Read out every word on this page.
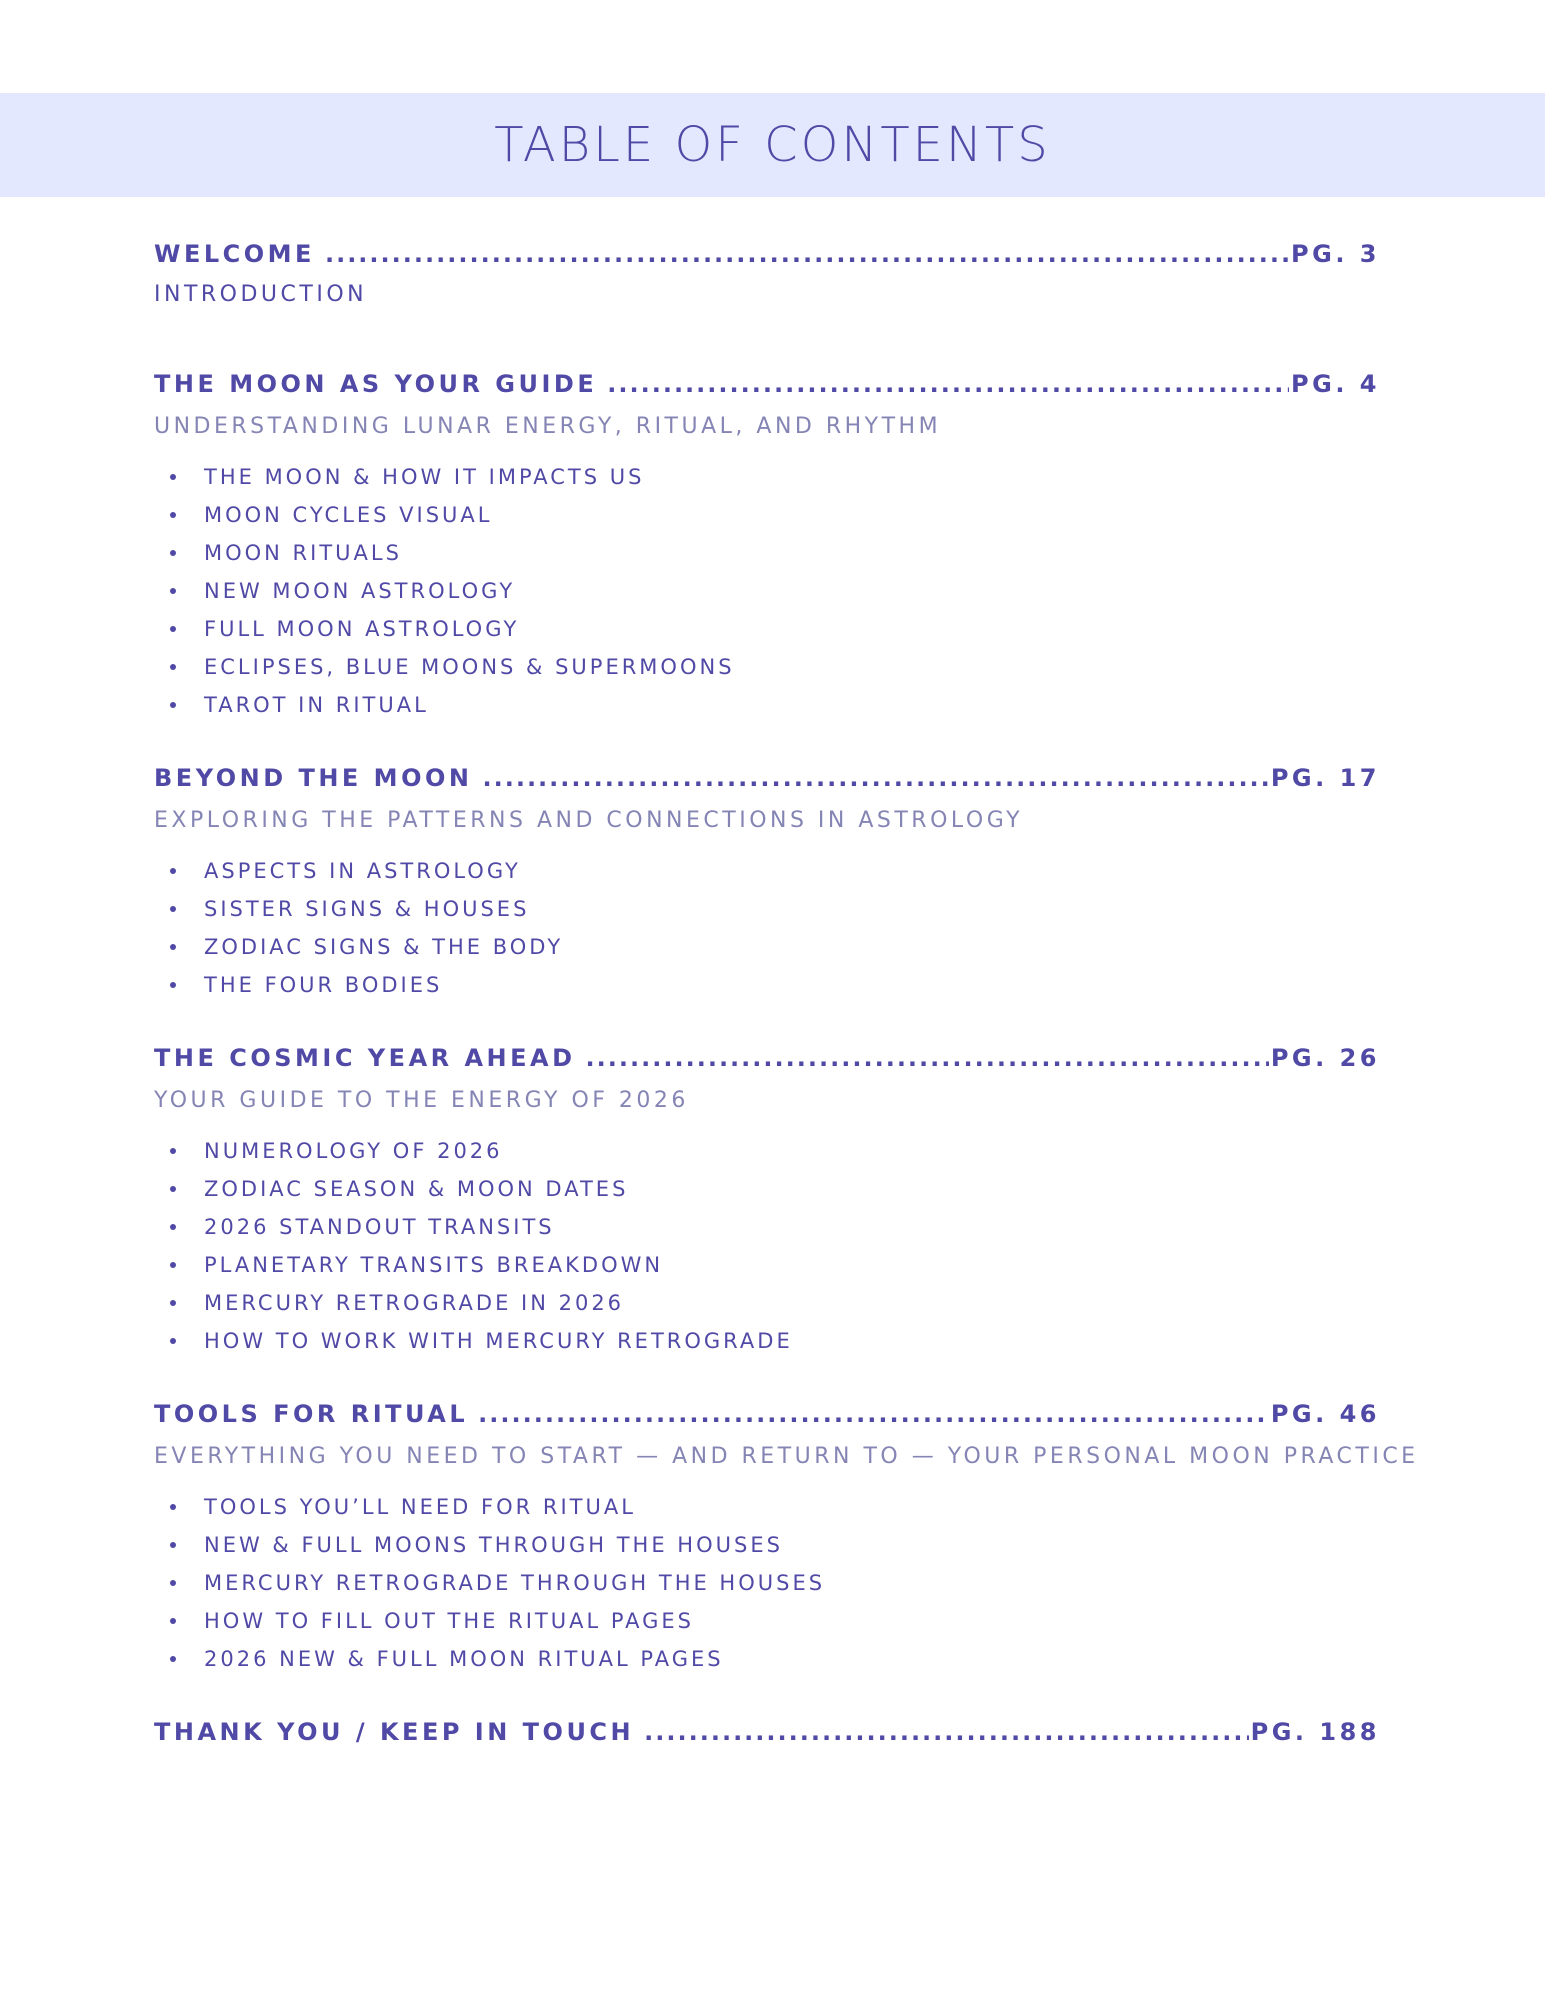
TABLE OF CONTENTS
WELCOME .....	PG. 3
INTRODUCTION
THE MOON AS YOUR GUIDE .....	PG. 4
UNDERSTANDING LUNAR ENERGY, RITUAL, AND RHYTHM
THE MOON & HOW IT IMPACTS US
MOON CYCLES VISUAL
MOON RITUALS
NEW MOON ASTROLOGY
FULL MOON ASTROLOGY
ECLIPSES, BLUE MOONS & SUPERMOONS
TAROT IN RITUAL
BEYOND THE MOON .....	PG. 17
EXPLORING THE PATTERNS AND CONNECTIONS IN ASTROLOGY
ASPECTS IN ASTROLOGY
SISTER SIGNS & HOUSES
ZODIAC SIGNS & THE BODY
THE FOUR BODIES
THE COSMIC YEAR AHEAD .....	PG. 26
YOUR GUIDE TO THE ENERGY OF 2026
NUMEROLOGY OF 2026
ZODIAC SEASON & MOON DATES
2026 STANDOUT TRANSITS
PLANETARY TRANSITS BREAKDOWN
MERCURY RETROGRADE IN 2026
HOW TO WORK WITH MERCURY RETROGRADE
TOOLS FOR RITUAL .....	PG. 46
EVERYTHING YOU NEED TO START — AND RETURN TO — YOUR PERSONAL MOON PRACTICE
TOOLS YOU’LL NEED FOR RITUAL
NEW & FULL MOONS THROUGH THE HOUSES
MERCURY RETROGRADE THROUGH THE HOUSES
HOW TO FILL OUT THE RITUAL PAGES
2026 NEW & FULL MOON RITUAL PAGES
THANK YOU / KEEP IN TOUCH .....	PG. 188
